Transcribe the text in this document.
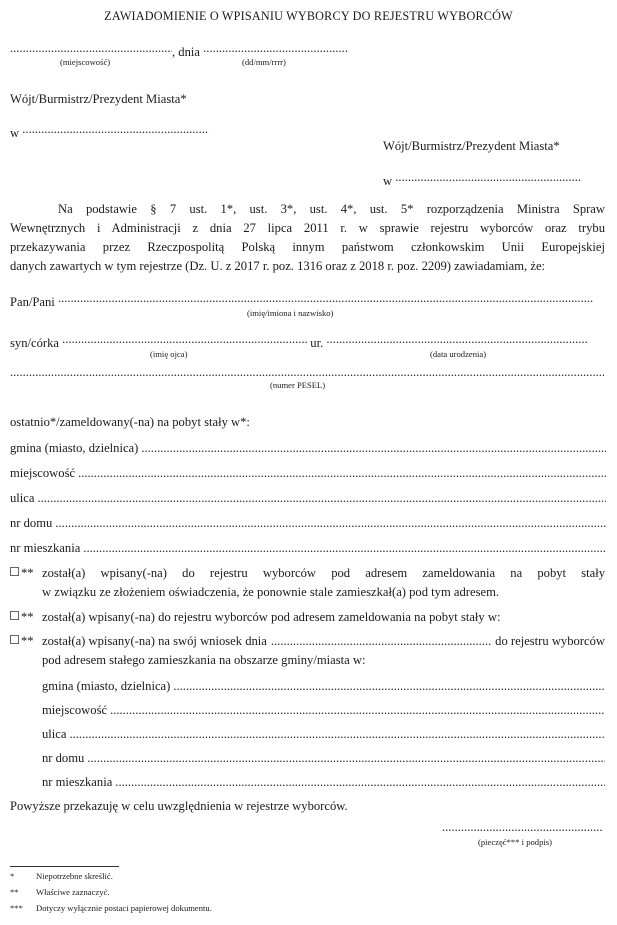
ZAWIADOMIENIE O WPISANIU WYBORCY DO REJESTRU WYBORCÓW
....., dnia .....
(miejscowość)	(dd/mm/rrrr)
Wójt/Burmistrz/Prezydent Miasta*
w .....
Wójt/Burmistrz/Prezydent Miasta*
w .....
Na podstawie § 7 ust. 1*, ust. 3*, ust. 4*, ust. 5* rozporządzenia Ministra Spraw
Wewnętrznych i Administracji z dnia 27 lipca 2011 r. w sprawie rejestru wyborców oraz trybu
przekazywania przez Rzeczpospolitą Polską innym państwom członkowskim Unii Europejskiej
danych zawartych w tym rejestrze (Dz. U. z 2017 r. poz. 1316 oraz z 2018 r. poz. 2209) zawiadamiam, że:
Pan/Pani .....
(imię/imiona i nazwisko)
syn/córka .....	ur. .....
(imię ojca)	(data urodzenia)
.....
(numer PESEL)
ostatnio*/zameldowany(-na) na pobyt stały w*:
gmina (miasto, dzielnica)
.....
miejscowość
.....
ulica
.....
nr domu
.....
nr mieszkania
.....
** został(a) wpisany(-na) do rejestru wyborców pod adresem zameldowania na pobyt stały
w związku ze złożeniem oświadczenia, że ponownie stale zamieszkał(a) pod tym adresem.
** został(a) wpisany(-na) do rejestru wyborców pod adresem zameldowania na pobyt stały w:
** został(a) wpisany(-na) na swój wniosek dnia .....	do rejestru wyborców
pod adresem stałego zamieszkania na obszarze gminy/miasta w:
gmina (miasto, dzielnica)
.....
miejscowość
.....
ulica
.....
nr domu
.....
nr mieszkania
.....
Powyższe przekazuję w celu uwzględnienia w rejestrze wyborców.
.....
(pieczęć*** i podpis)
*	Niepotrzebne skreślić.
** Właściwe zaznaczyć.
*** Dotyczy wyłącznie postaci papierowej dokumentu.
